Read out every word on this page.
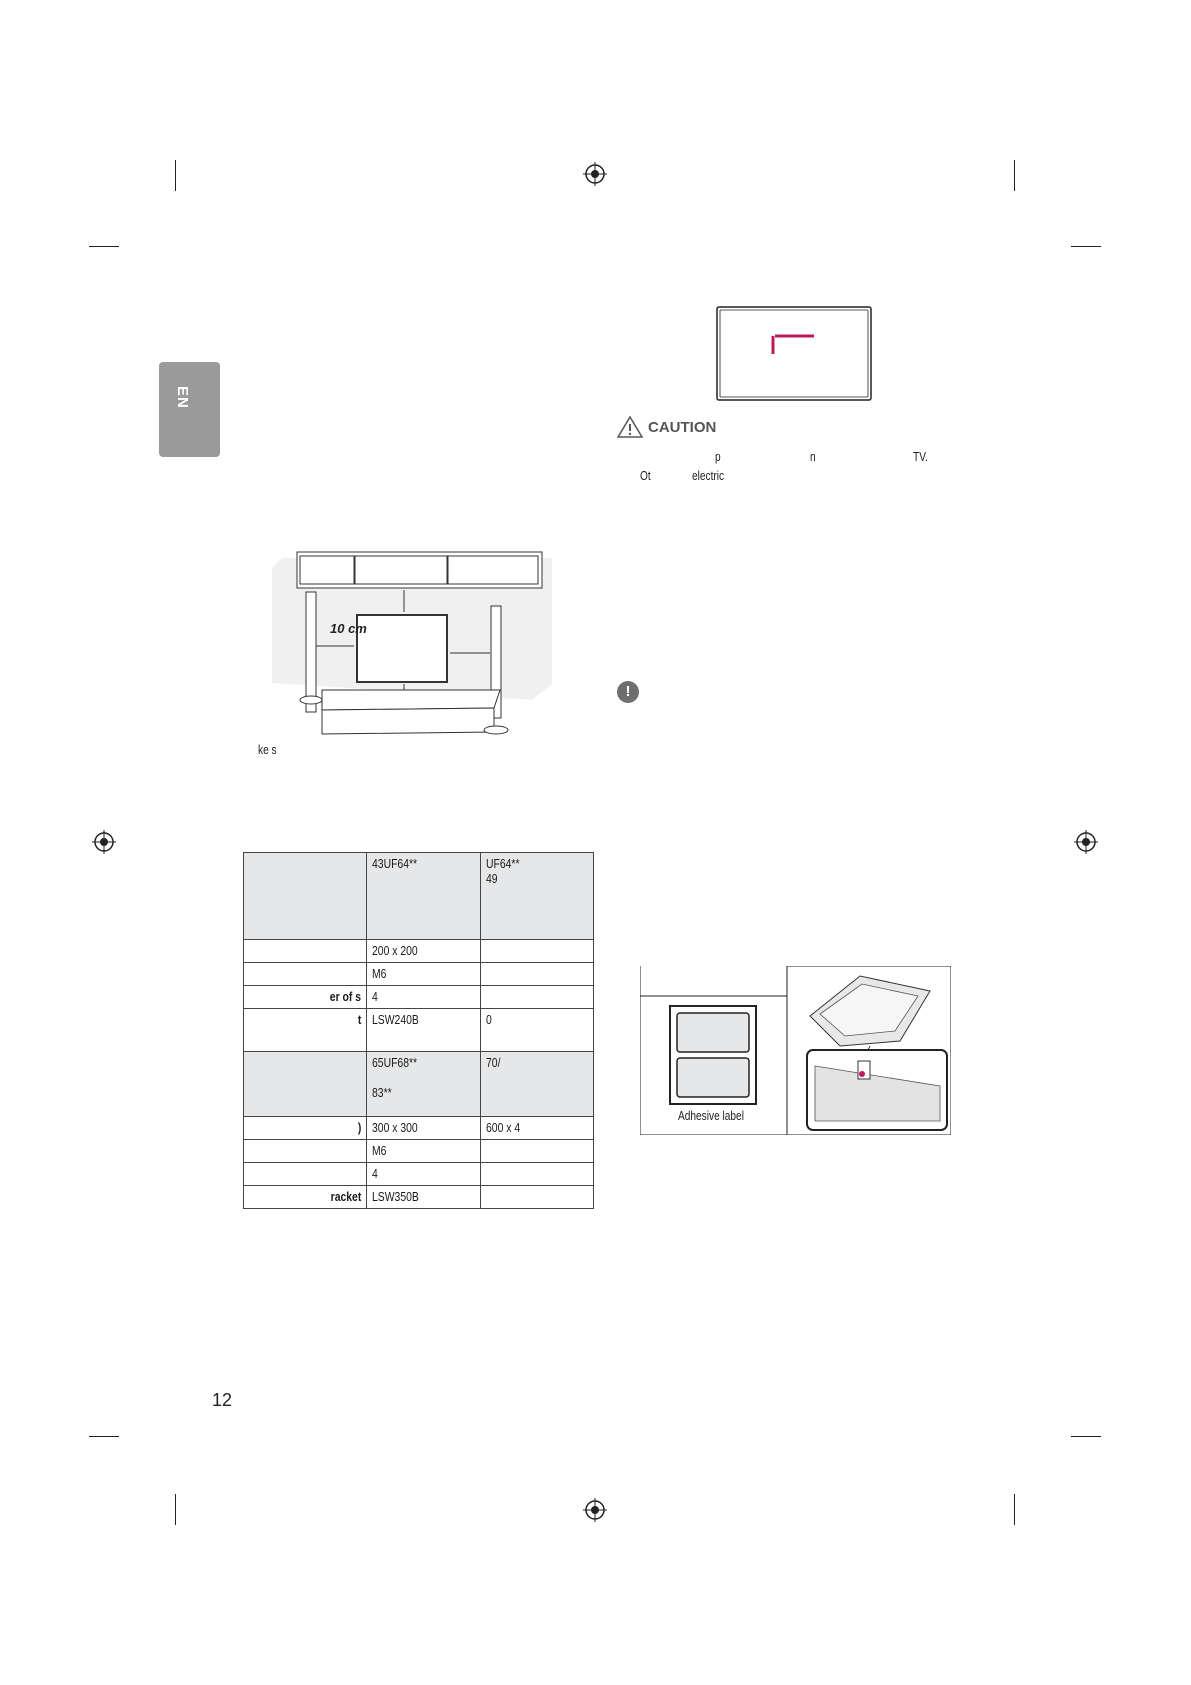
EN
10 cm
ke s
	43UF64**	UF64**
49
	200 x 200	
	M6	
er of s	4	
t	LSW240B	0
	65UF68**

83**	70/
)	300 x 300	600 x 4
	M6	
	4	
racket	LSW350B	
12
CAUTION
p	n	TV.
Ot	electric
!
Adhesive label
